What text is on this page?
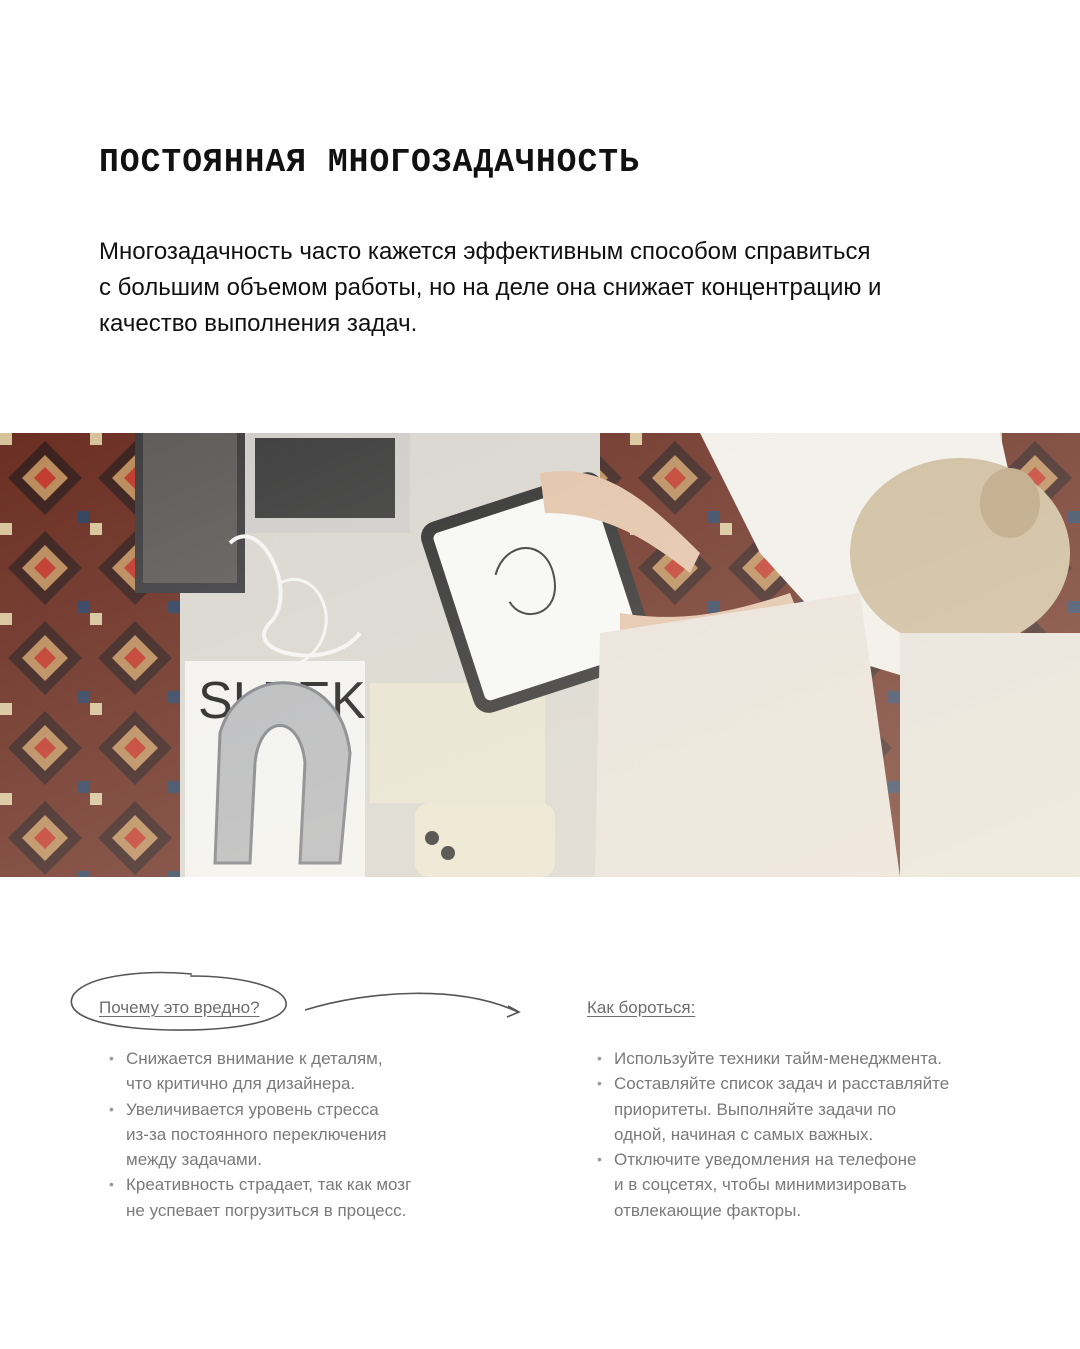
ПОСТОЯННАЯ МНОГОЗАДАЧНОСТЬ
Многозадачность часто кажется эффективным способом справиться
с большим объемом работы, но на деле она снижает концентрацию и
качество выполнения задач.
Почему это вредно?
• Снижается внимание к деталям,
что критично для дизайнера.
• Увеличивается уровень стресса
из-за постоянного переключения
между задачами.
• Креативность страдает, так как мозг
не успевает погрузиться в процесс.
Как бороться:
• Используйте техники тайм-менеджмента.
• Составляйте список задач и расставляйте
приоритеты. Выполняйте задачи по
одной, начиная с самых важных.
• Отключите уведомления на телефоне
и в соцсетях, чтобы минимизировать
отвлекающие факторы.
